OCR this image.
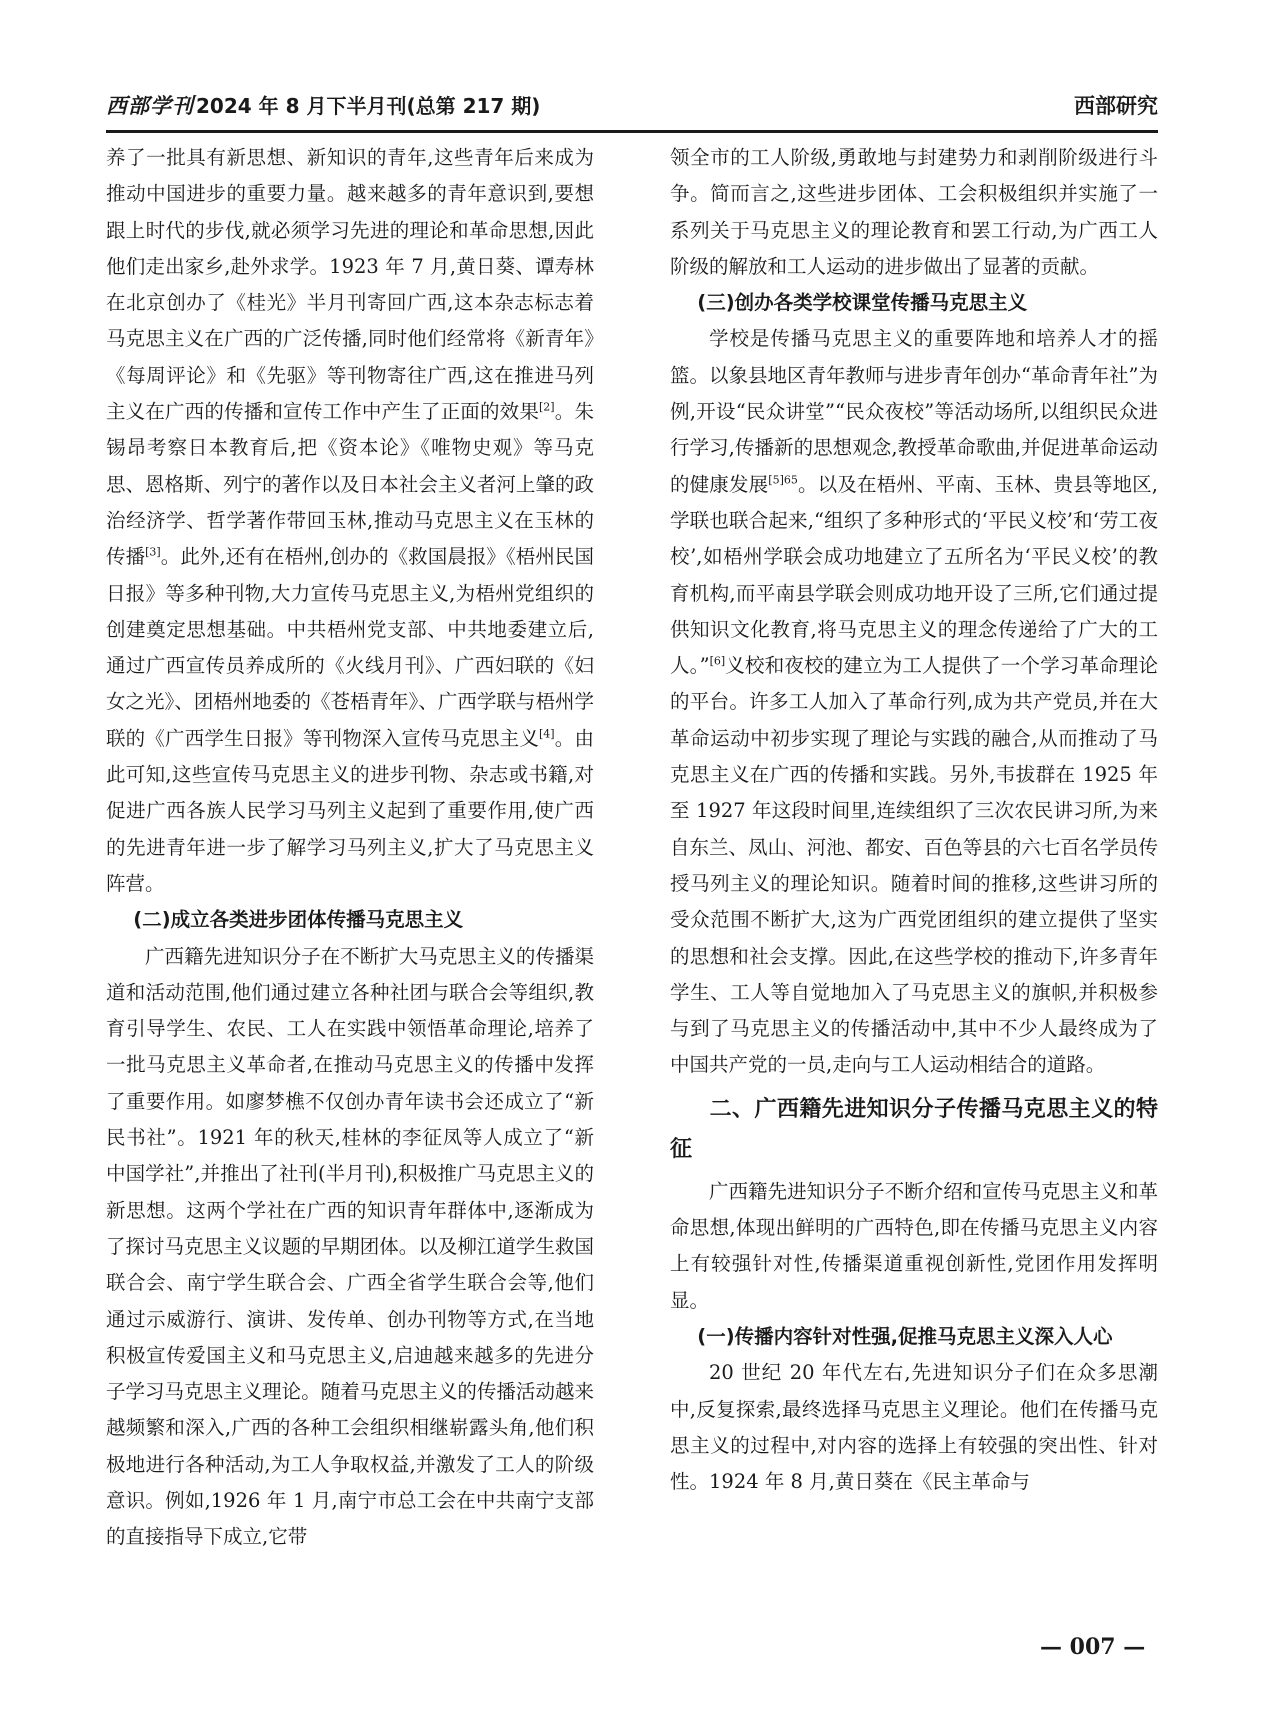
西部学刊 2024 年 8 月下半月刊(总第 217 期)	西部研究

养了一批具有新思想、新知识的青年,这些青年后来成为推动中国进步的重要力量。越来越多的青年意识到,要想跟上时代的步伐,就必须学习先进的理论和革命思想,因此他们走出家乡,赴外求学。1923 年 7 月,黄日葵、谭寿林在北京创办了《桂光》半月刊寄回广西,这本杂志标志着马克思主义在广西的广泛传播,同时他们经常将《新青年》《每周评论》和《先驱》等刊物寄往广西,这在推进马列主义在广西的传播和宣传工作中产生了正面的效果[2]。朱锡昂考察日本教育后,把《资本论》《唯物史观》等马克思、恩格斯、列宁的著作以及日本社会主义者河上肇的政治经济学、哲学著作带回玉林,推动马克思主义在玉林的传播[3]。此外,还有在梧州,创办的《救国晨报》《梧州民国日报》等多种刊物,大力宣传马克思主义,为梧州党组织的创建奠定思想基础。中共梧州党支部、中共地委建立后,通过广西宣传员养成所的《火线月刊》、广西妇联的《妇女之光》、团梧州地委的《苍梧青年》、广西学联与梧州学联的《广西学生日报》等刊物深入宣传马克思主义[4]。由此可知,这些宣传马克思主义的进步刊物、杂志或书籍,对促进广西各族人民学习马列主义起到了重要作用,使广西的先进青年进一步了解学习马列主义,扩大了马克思主义阵营。

(二)成立各类进步团体传播马克思主义

广西籍先进知识分子在不断扩大马克思主义的传播渠道和活动范围,他们通过建立各种社团与联合会等组织,教育引导学生、农民、工人在实践中领悟革命理论,培养了一批马克思主义革命者,在推动马克思主义的传播中发挥了重要作用。如廖梦樵不仅创办青年读书会还成立了“新民书社”。1921 年的秋天,桂林的李征凤等人成立了“新中国学社”,并推出了社刊(半月刊),积极推广马克思主义的新思想。这两个学社在广西的知识青年群体中,逐渐成为了探讨马克思主义议题的早期团体。以及柳江道学生救国联合会、南宁学生联合会、广西全省学生联合会等,他们通过示威游行、演讲、发传单、创办刊物等方式,在当地积极宣传爱国主义和马克思主义,启迪越来越多的先进分子学习马克思主义理论。随着马克思主义的传播活动越来越频繁和深入,广西的各种工会组织相继崭露头角,他们积极地进行各种活动,为工人争取权益,并激发了工人的阶级意识。例如,1926 年 1 月,南宁市总工会在中共南宁支部的直接指导下成立,它带

领全市的工人阶级,勇敢地与封建势力和剥削阶级进行斗争。简而言之,这些进步团体、工会积极组织并实施了一系列关于马克思主义的理论教育和罢工行动,为广西工人阶级的解放和工人运动的进步做出了显著的贡献。

(三)创办各类学校课堂传播马克思主义

学校是传播马克思主义的重要阵地和培养人才的摇篮。以象县地区青年教师与进步青年创办“革命青年社”为例,开设“民众讲堂”“民众夜校”等活动场所,以组织民众进行学习,传播新的思想观念,教授革命歌曲,并促进革命运动的健康发展$^{[5]65}$。以及在梧州、平南、玉林、贵县等地区,学联也联合起来,“组织了多种形式的‘平民义校’和‘劳工夜校’,如梧州学联会成功地建立了五所名为‘平民义校’的教育机构,而平南县学联会则成功地开设了三所,它们通过提供知识文化教育,将马克思主义的理念传递给了广大的工人。”[6]义校和夜校的建立为工人提供了一个学习革命理论的平台。许多工人加入了革命行列,成为共产党员,并在大革命运动中初步实现了理论与实践的融合,从而推动了马克思主义在广西的传播和实践。另外,韦拔群在 1925 年至 1927 年这段时间里,连续组织了三次农民讲习所,为来自东兰、凤山、河池、都安、百色等县的六七百名学员传授马列主义的理论知识。随着时间的推移,这些讲习所的受众范围不断扩大,这为广西党团组织的建立提供了坚实的思想和社会支撑。因此,在这些学校的推动下,许多青年学生、工人等自觉地加入了马克思主义的旗帜,并积极参与到了马克思主义的传播活动中,其中不少人最终成为了中国共产党的一员,走向与工人运动相结合的道路。

二、广西籍先进知识分子传播马克思主义的特征

广西籍先进知识分子不断介绍和宣传马克思主义和革命思想,体现出鲜明的广西特色,即在传播马克思主义内容上有较强针对性,传播渠道重视创新性,党团作用发挥明显。

(一)传播内容针对性强,促推马克思主义深入人心

20 世纪 20 年代左右,先进知识分子们在众多思潮中,反复探索,最终选择马克思主义理论。他们在传播马克思主义的过程中,对内容的选择上有较强的突出性、针对性。1924 年 8 月,黄日葵在《民主革命与

— 007 —
